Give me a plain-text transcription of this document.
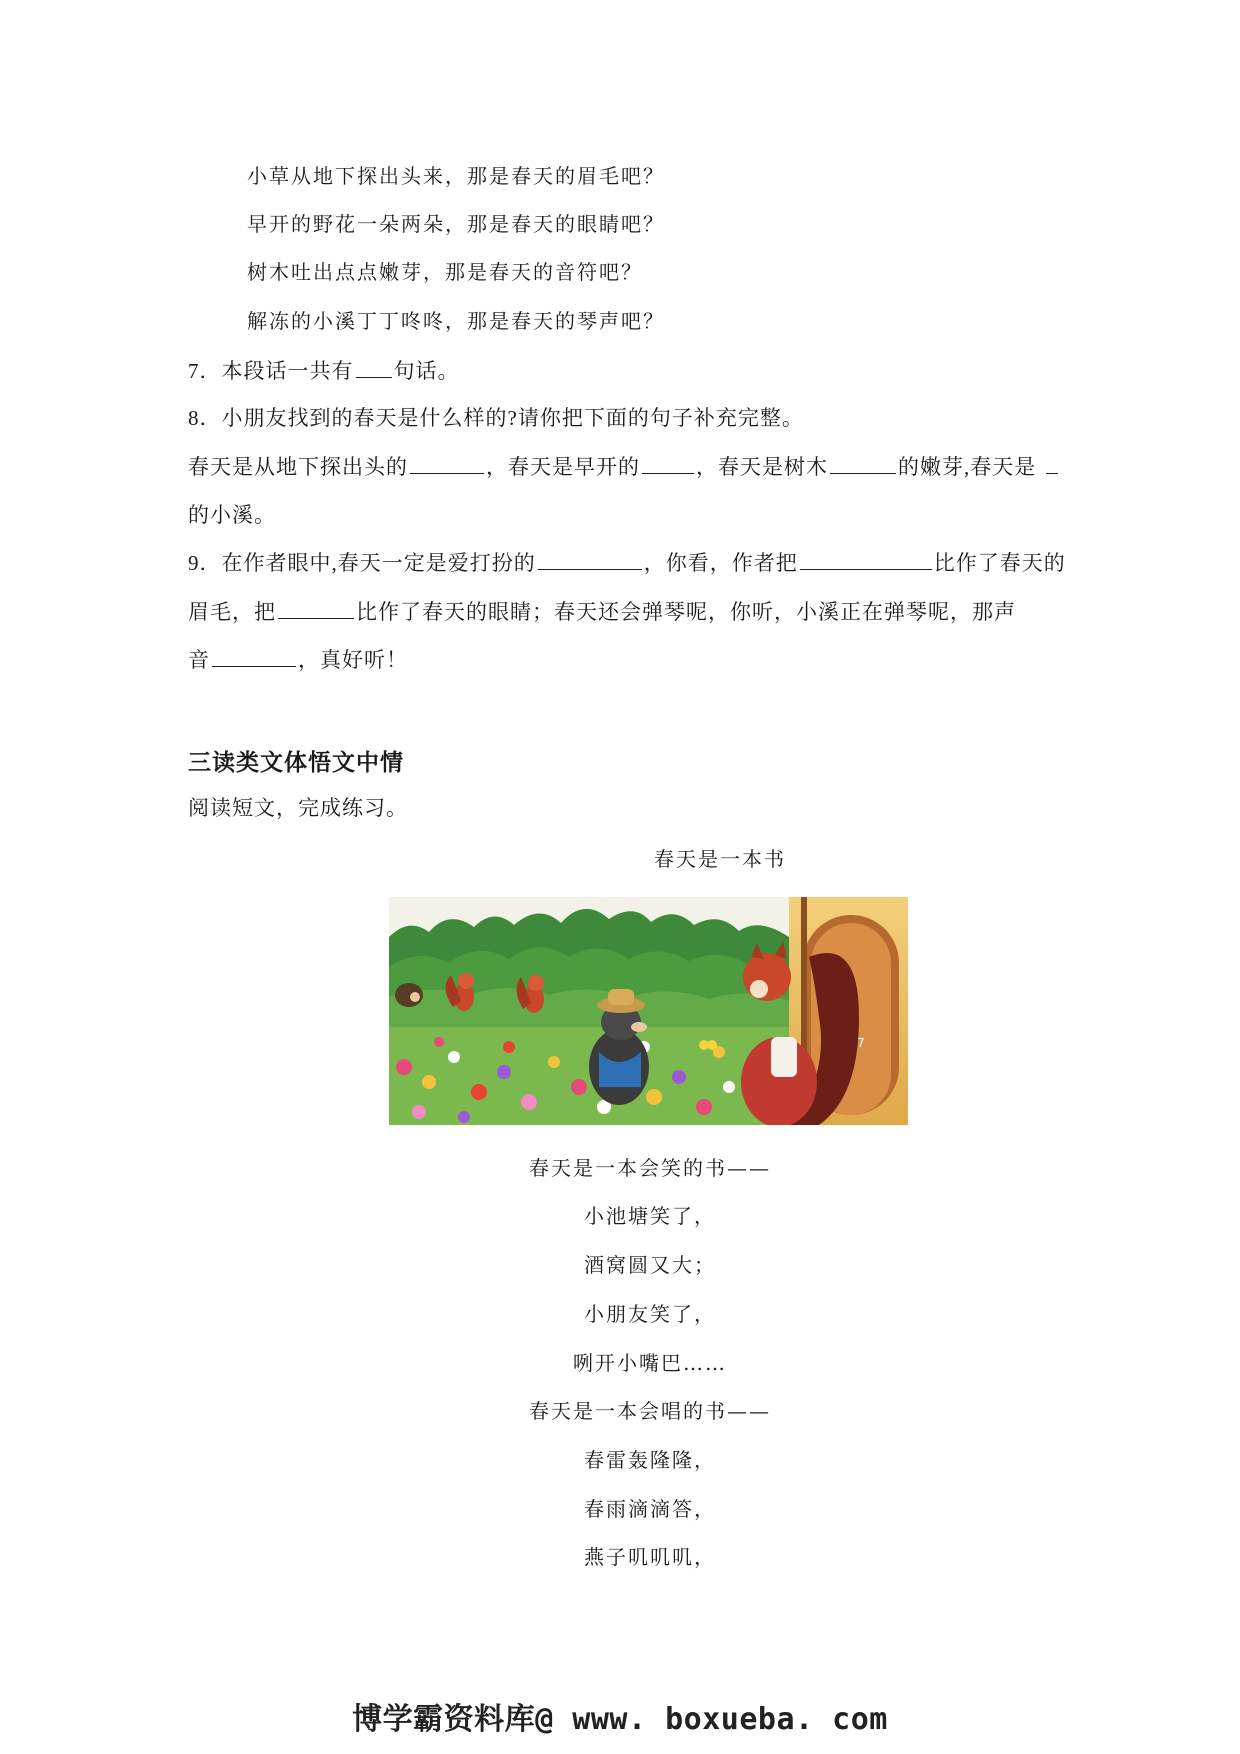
小草从地下探出头来，那是春天的眉毛吧？
早开的野花一朵两朵，那是春天的眼睛吧？
树木吐出点点嫩芽，那是春天的音符吧？
解冻的小溪丁丁咚咚，那是春天的琴声吧？
7．本段话一共有 句话。
8．小朋友找到的春天是什么样的?请你把下面的句子补充完整。
春天是从地下探出头的	，春天是早开的	，春天是树木	的嫩芽,春天是
的小溪。
9．在作者眼中,春天一定是爱打扮的	，你看，作者把	比作了春天的
眉毛，把	比作了春天的眼睛；春天还会弹琴呢，你听，小溪正在弹琴呢，那声
音	，真好听！
三读类文体悟文中情
阅读短文，完成练习。
春天是一本书
7
春天是一本会笑的书——
小池塘笑了，
酒窝圆又大；
小朋友笑了，
咧开小嘴巴……
春天是一本会唱的书——
春雷轰隆隆，
春雨滴滴答，
燕子叽叽叽，
博学霸资料库@ www. boxueba. com
